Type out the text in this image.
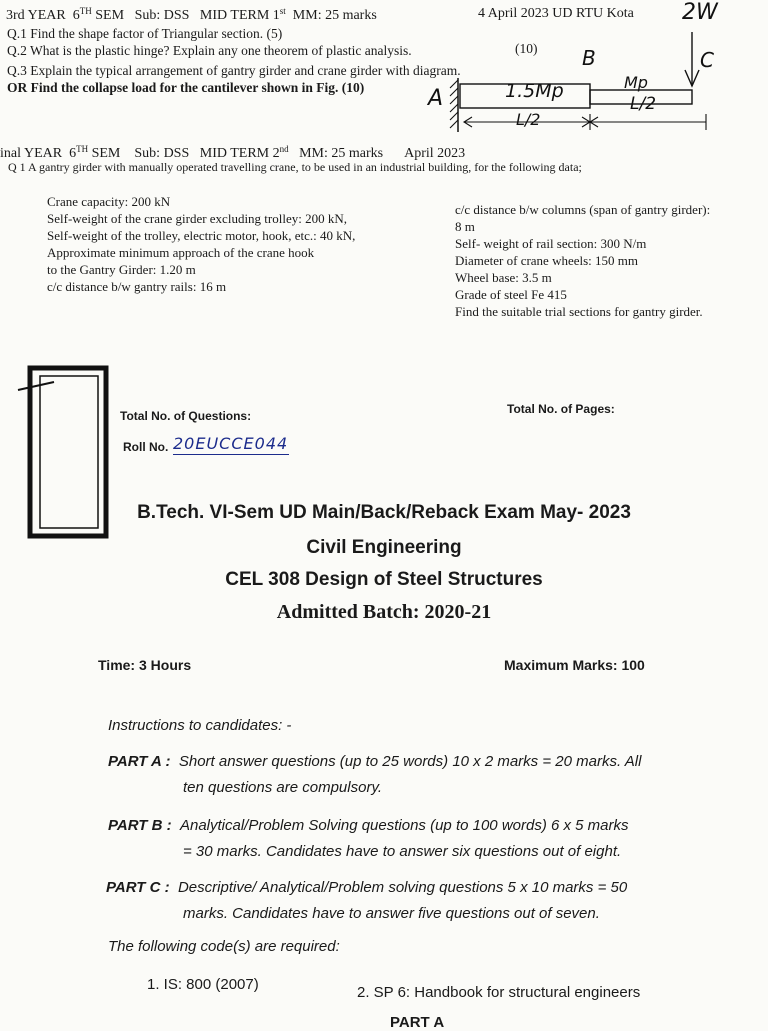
3rd YEAR 6TH SEM Sub: DSS MID TERM 1st MM: 25 marks	4 April 2023 UD RTU Kota
Q.1 Find the shape factor of Triangular section. (5)
Q.2 What is the plastic hinge? Explain any one theorem of plastic analysis.	(10)
Q.3 Explain the typical arrangement of gantry girder and crane girder with diagram.
OR Find the collapse load for the cantilever shown in Fig. (10)
2W
A
B	C
1.5Mp	Mp
L/2
L/2
inal YEAR 6TH SEM Sub: DSS MID TERM 2nd MM: 25 marks April 2023
Q 1 A gantry girder with manually operated travelling crane, to be used in an industrial building, for the following data;
Crane capacity: 200 kN
Self-weight of the crane girder excluding trolley: 200 kN,
Self-weight of the trolley, electric motor, hook, etc.: 40 kN,
Approximate minimum approach of the crane hook
to the Gantry Girder: 1.20 m
c/c distance b/w gantry rails: 16 m
c/c distance b/w columns (span of gantry girder):
8 m
Self- weight of rail section: 300 N/m
Diameter of crane wheels: 150 mm
Wheel base: 3.5 m
Grade of steel Fe 415
Find the suitable trial sections for gantry girder.
Total No. of Questions:	Total No. of Pages:
Roll No. 20EUCCE044
B.Tech. VI-Sem UD Main/Back/Reback Exam May- 2023
Civil Engineering
CEL 308 Design of Steel Structures
Admitted Batch: 2020-21
Time: 3 Hours	Maximum Marks: 100
Instructions to candidates: -
PART A : Short answer questions (up to 25 words) 10 x 2 marks = 20 marks. All
ten questions are compulsory.
PART B : Analytical/Problem Solving questions (up to 100 words) 6 x 5 marks
= 30 marks. Candidates have to answer six questions out of eight.
PART C : Descriptive/ Analytical/Problem solving questions 5 x 10 marks = 50
marks. Candidates have to answer five questions out of seven.
The following code(s) are required:
1. IS: 800 (2007)	2. SP 6: Handbook for structural engineers
PART A
